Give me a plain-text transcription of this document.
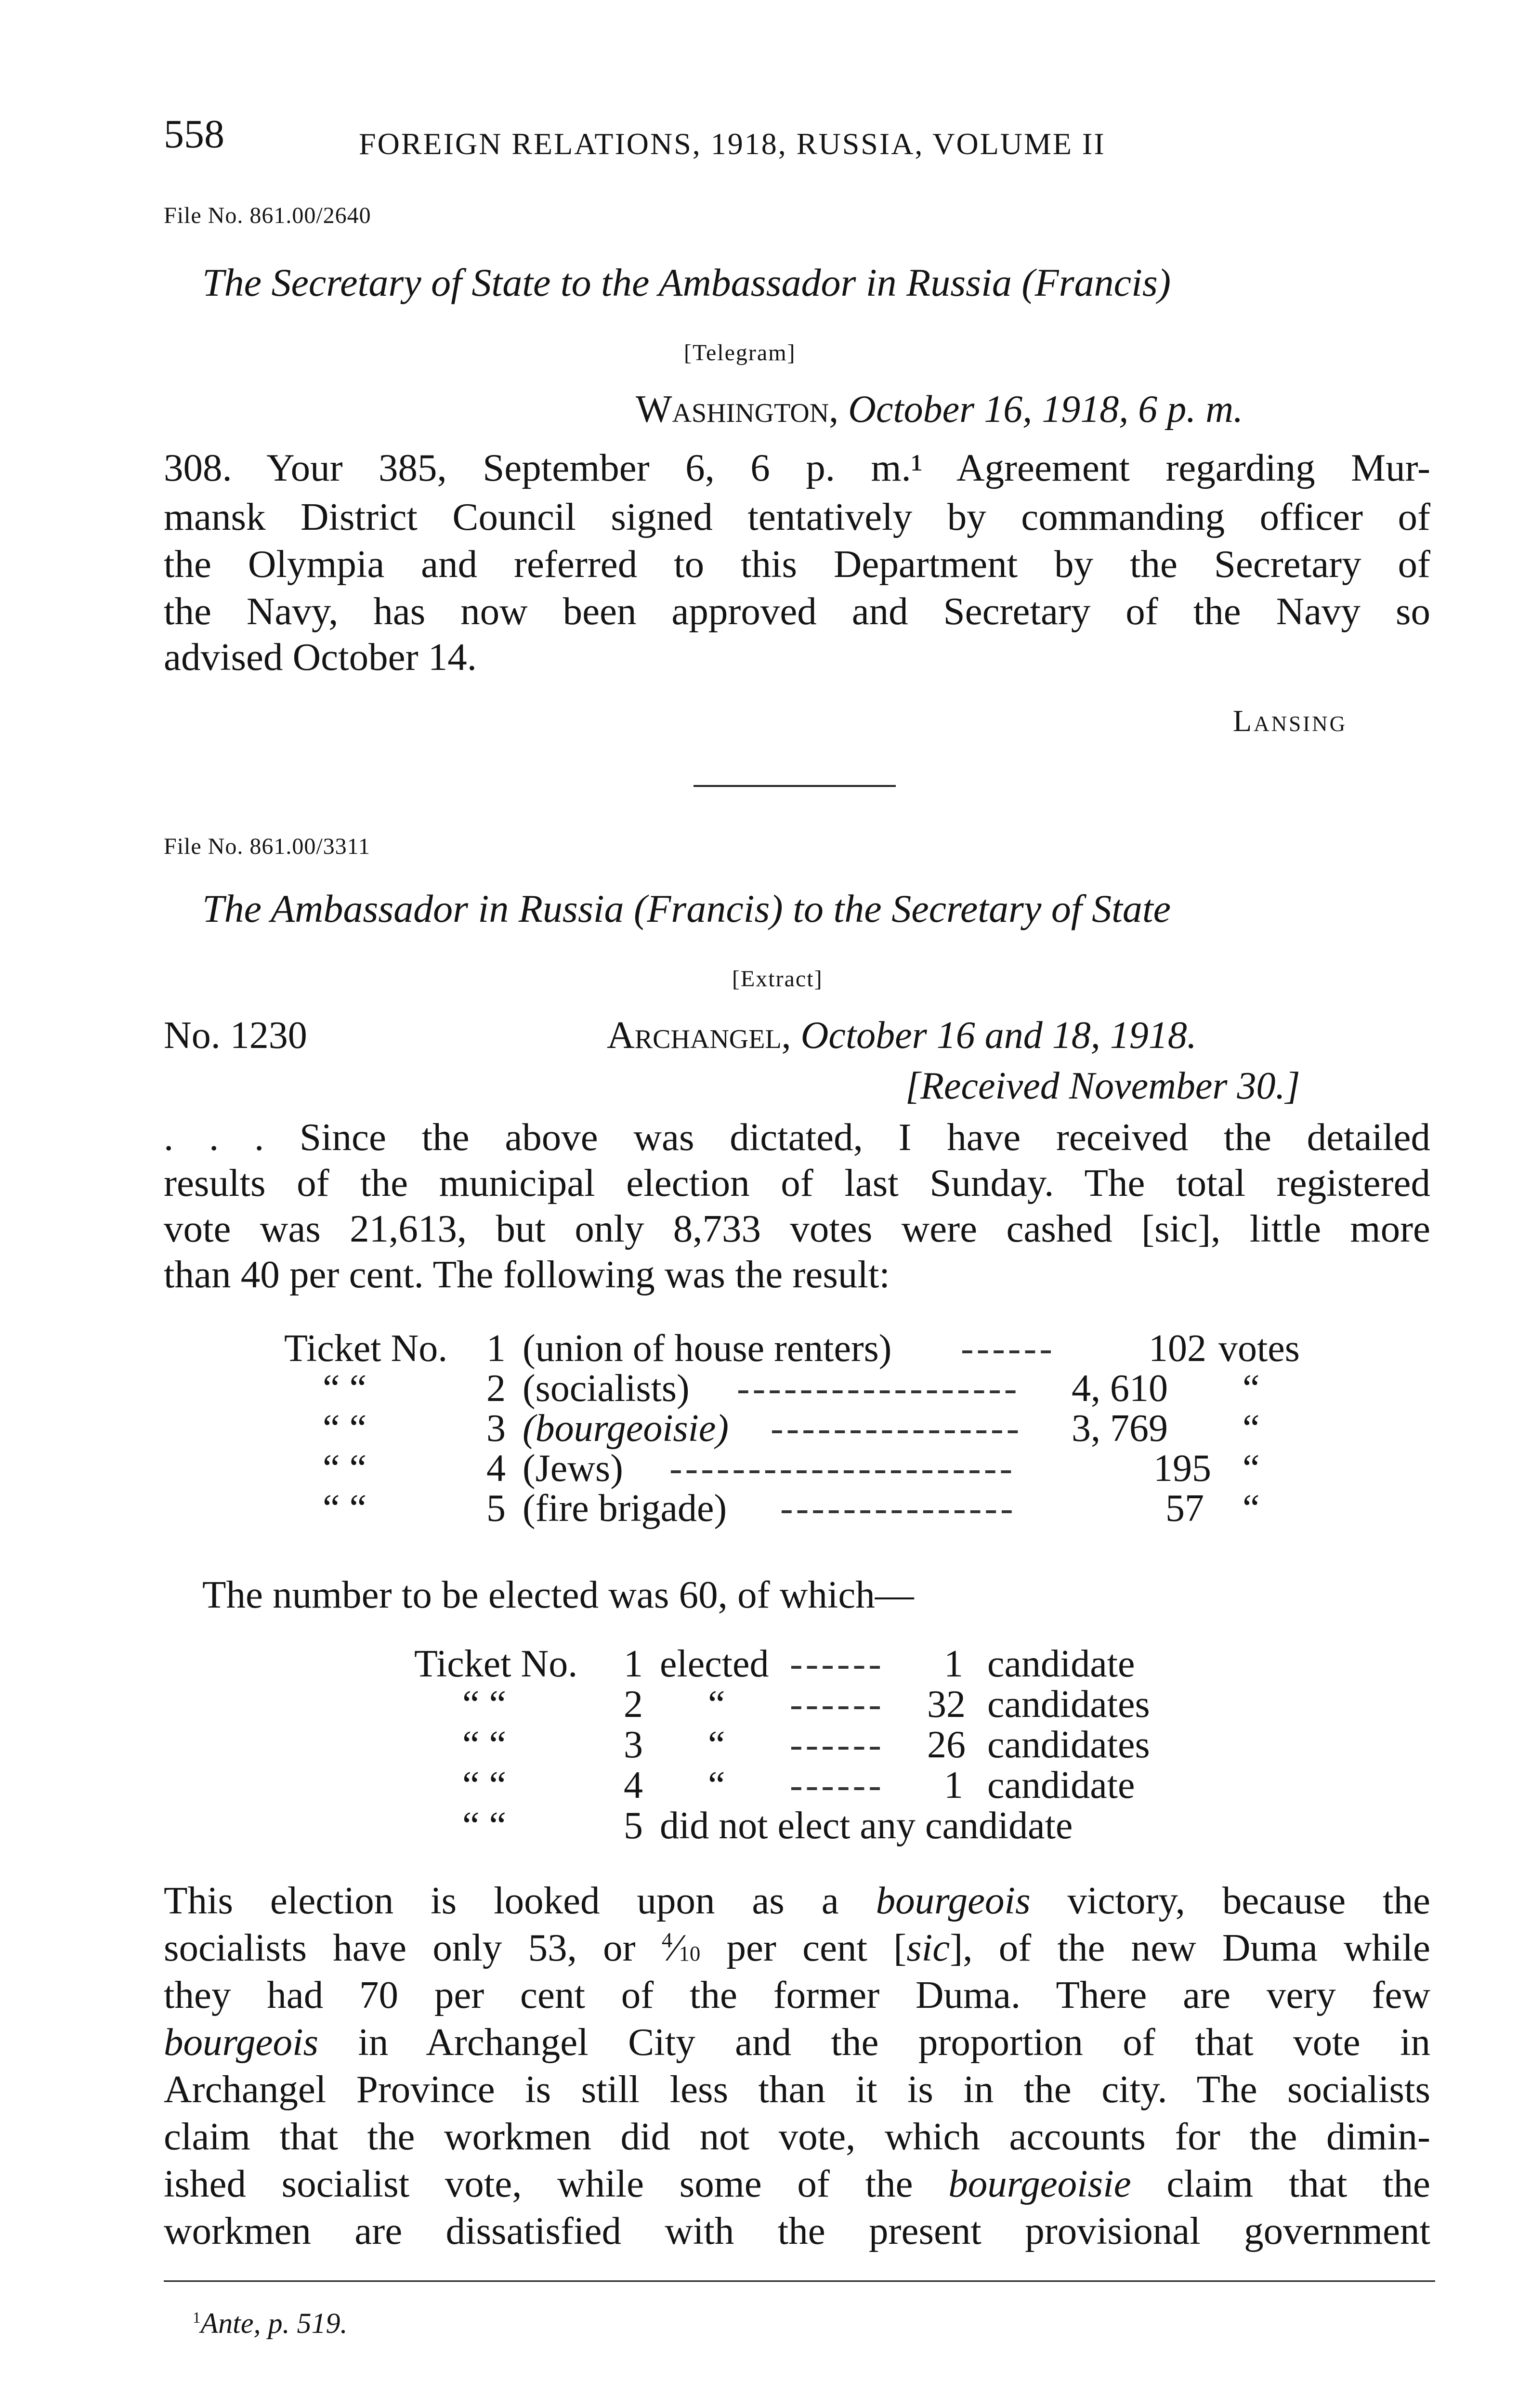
558	FOREIGN RELATIONS, 1918, RUSSIA, VOLUME II
File No. 861.00/2640
The Secretary of State to the Ambassador in Russia (Francis)
[Telegram]
Washington, October 16, 1918, 6 p. m.
308. Your 385, September 6, 6 p. m.¹ Agreement regarding Mur-
mansk District Council signed tentatively by commanding officer of
the Olympia and referred to this Department by the Secretary of
the Navy, has now been approved and Secretary of the Navy so
advised October 14.
Lansing
File No. 861.00/3311
The Ambassador in Russia (Francis) to the Secretary of State
[Extract]
No. 1230	Archangel, October 16 and 18, 1918.
[Received November 30.]
. . . Since the above was dictated, I have received the detailed
results of the municipal election of last Sunday. The total registered
vote was 21,613, but only 8,733 votes were cashed [sic], little more
than 40 per cent. The following was the result:
Ticket No. 1 (union of house renters) ------ 102 votes
“ “	2 (socialists) ------------------ 4, 610 “
“ “	3 (bourgeoisie) ---------------- 3, 769 “
“ “	4 (Jews) ----------------------	195 “
“ “	5 (fire brigade) ---------------	57 “
The number to be elected was 60, of which—
Ticket No. 1 elected ------ 1 candidate
“ “	2 “ ------ 32 candidates
“ “	3 “ ------ 26 candidates
“ “	4 “ ------ 1 candidate
“ “	5 did not elect any candidate
This election is looked upon as a bourgeois victory, because the
socialists have only 53, or $^4$⁄10 per cent [sic], of the new Duma while
they had 70 per cent of the former Duma. There are very few
bourgeois in Archangel City and the proportion of that vote in
Archangel Province is still less than it is in the city. The socialists
claim that the workmen did not vote, which accounts for the dimin-
ished socialist vote, while some of the bourgeoisie claim that the
workmen are dissatisfied with the present provisional government
$^1$Ante, p. 519.
